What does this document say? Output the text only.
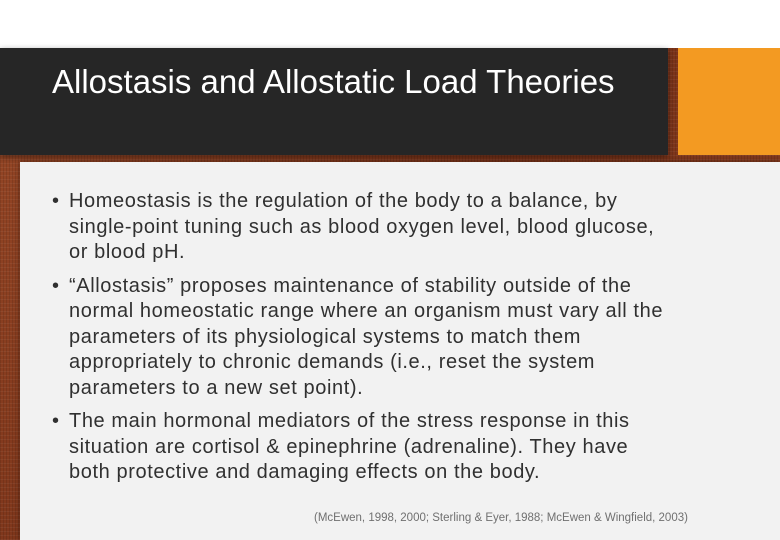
Allostasis and Allostatic Load Theories
• Homeostasis is the regulation of the body to a balance, by single-point tuning such as blood oxygen level, blood glucose, or blood pH.
• “Allostasis” proposes maintenance of stability outside of the normal homeostatic range where an organism must vary all the parameters of its physiological systems to match them appropriately to chronic demands (i.e., reset the system parameters to a new set point).
• The main hormonal mediators of the stress response in this situation are cortisol & epinephrine (adrenaline). They have both protective and damaging effects on the body.
(McEwen, 1998, 2000; Sterling & Eyer, 1988; McEwen & Wingfield, 2003)
